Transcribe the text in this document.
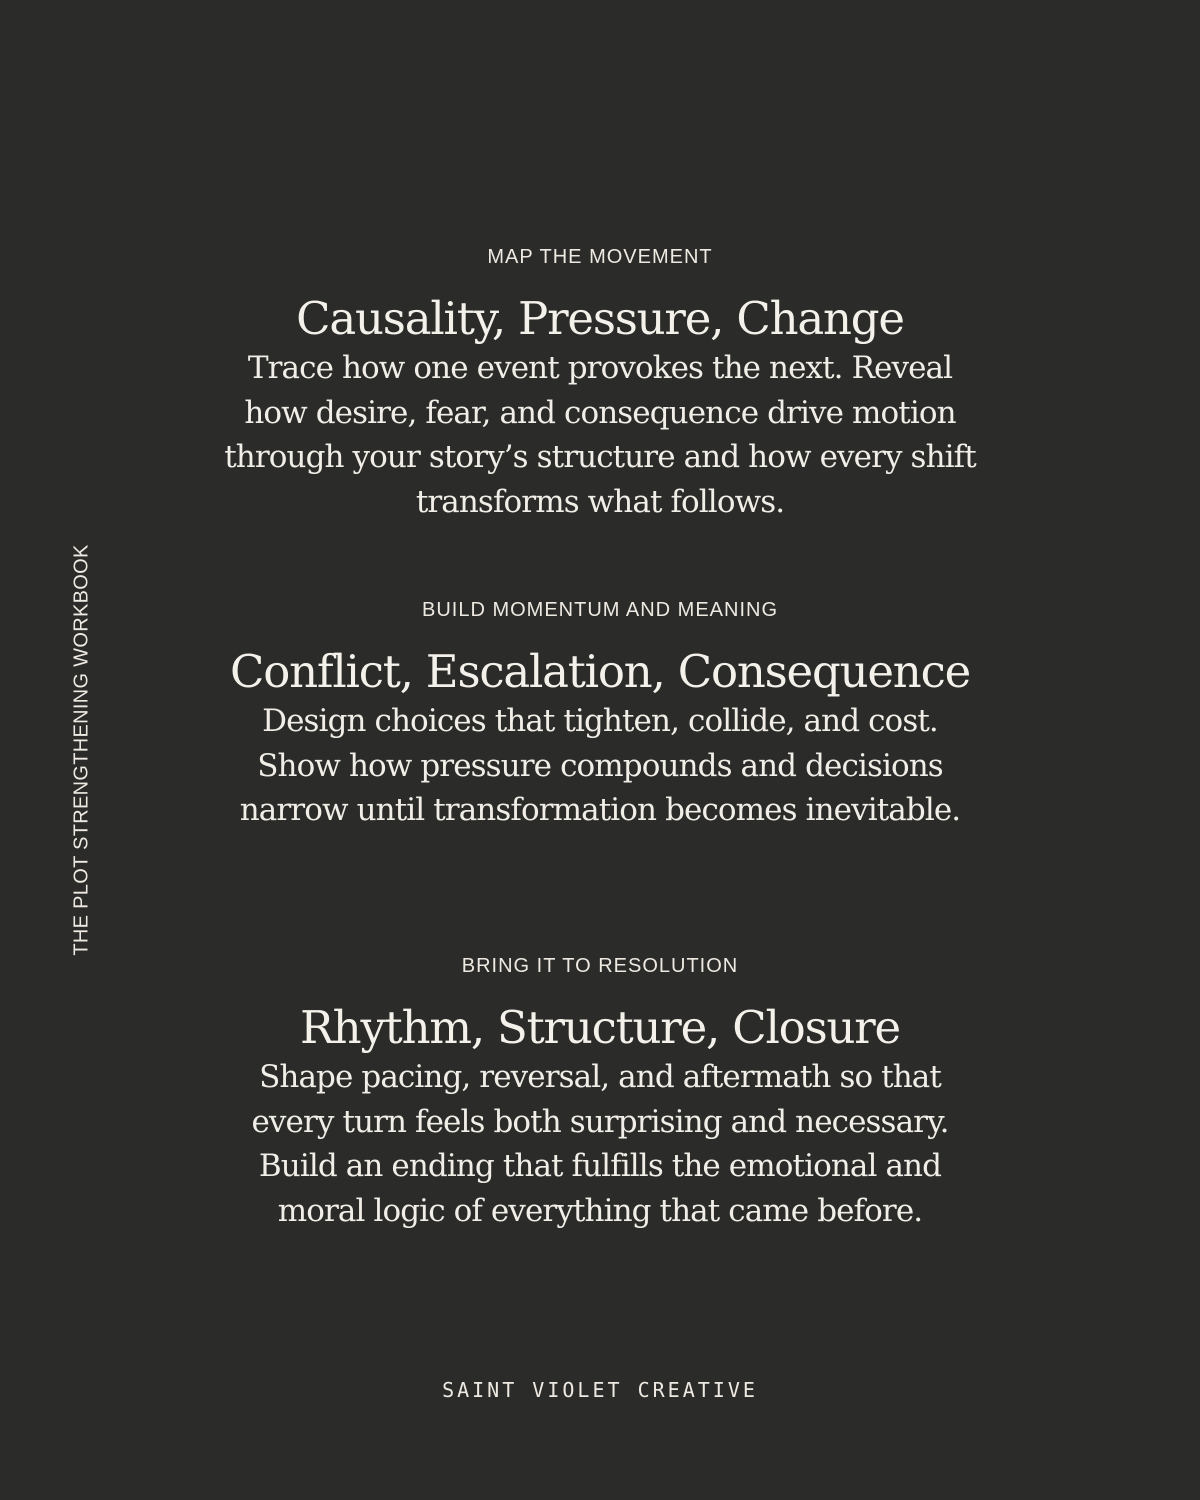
THE PLOT STRENGTHENING WORKBOOK
MAP THE MOVEMENT
Causality, Pressure, Change
Trace how one event provokes the next. Reveal how desire, fear, and consequence drive motion through your story’s structure and how every shift transforms what follows.
BUILD MOMENTUM AND MEANING
Conflict, Escalation, Consequence
Design choices that tighten, collide, and cost. Show how pressure compounds and decisions narrow until transformation becomes inevitable.
BRING IT TO RESOLUTION
Rhythm, Structure, Closure
Shape pacing, reversal, and aftermath so that every turn feels both surprising and necessary. Build an ending that fulfills the emotional and moral logic of everything that came before.
SAINT VIOLET CREATIVE
